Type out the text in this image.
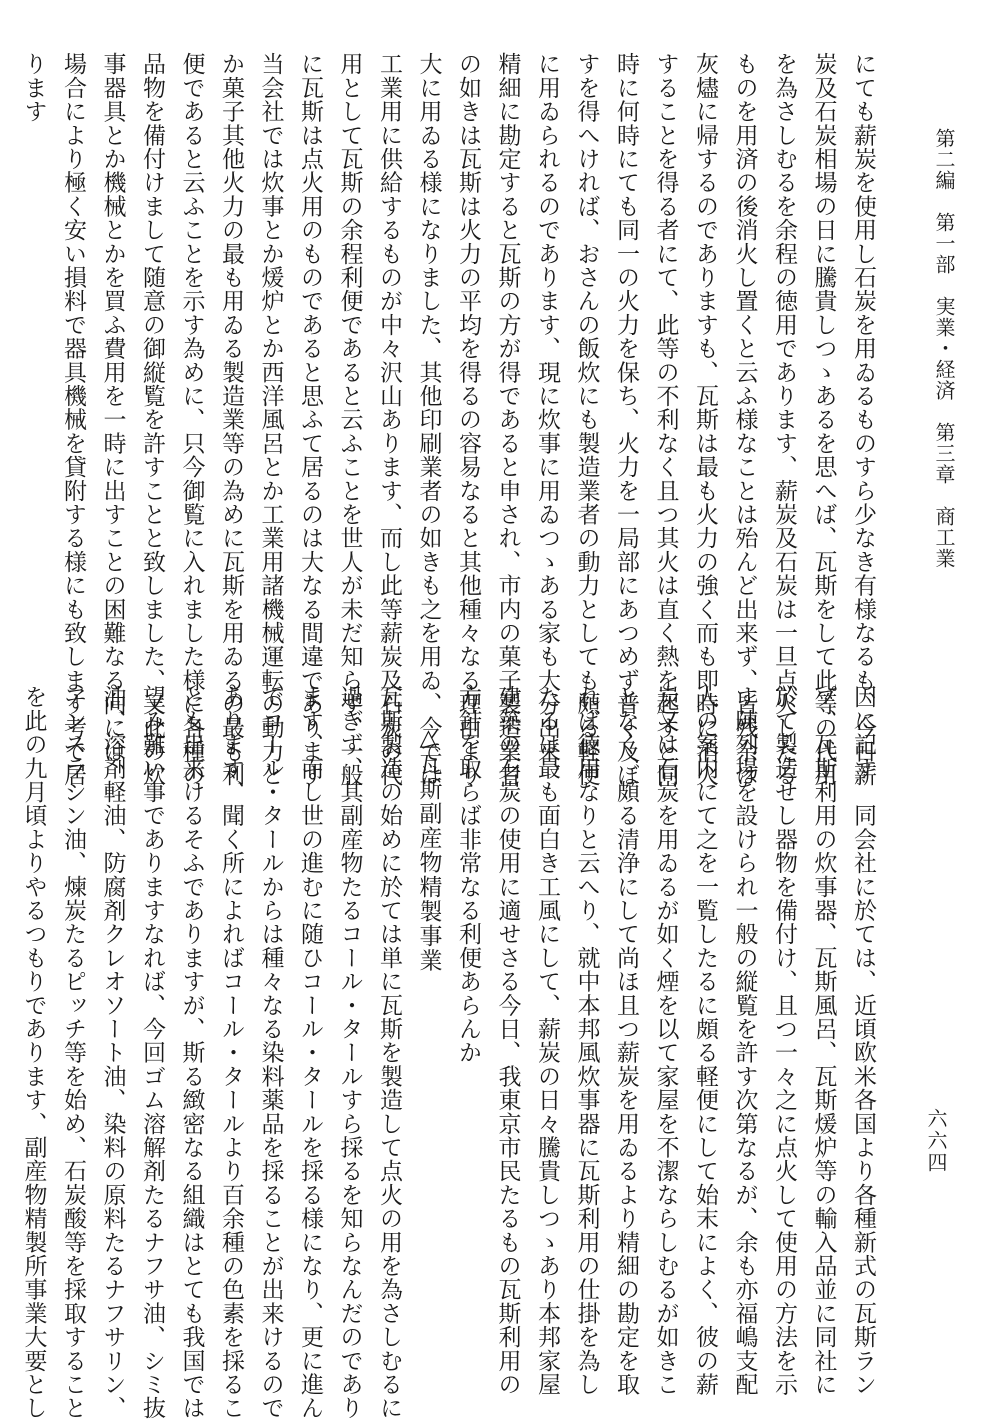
第二編　第一部　実業・経済　第三章　商工業
六六四

にても薪炭を使用し石炭を用ゐるものすら少なき有様なるも、今日薪

炭及石炭相場の日に騰貴しつゝあるを思へば、瓦斯をして此等の代用

を為さしむるを余程の徳用であります、薪炭及石炭は一旦点火したる

ものを用済の後消火し置くと云ふ様なことは殆んど出来ず、皆残余は

灰燼に帰するのでありますも、瓦斯は最も火力の強く而も即時に消火

することを得る者にて、此等の不利なく且つ其火は直く熱を起すと同

時に何時にても同一の火力を保ち、火力を一局部にあつめず普く及ぼ

すを得へければ、おさんの飯炊にも製造業者の動力としても頗る軽便

に用ゐられるのであります、現に炊事に用ゐつゝある家も大分出来、

精細に勘定すると瓦斯の方が得であると申され、市内の菓子製造業者

の如きは瓦斯は火力の平均を得るの容易なると其他種々なる理由より

大に用ゐる様になりました、其他印刷業者の如きも之を用ゐ、今では

工業用に供給するものが中々沢山あります、而し此等薪炭及石炭の代

用として瓦斯の余程利便であると云ふことを世人が未だ知らず、一般

に瓦斯は点火用のものであると思ふて居るのは大なる間違であります

当会社では炊事とか煖炉とか西洋風呂とか工業用諸機械運転の動力と

か菓子其他火力の最も用ゐる製造業等の為めに瓦斯を用ゐるの最も利

便であると云ふことを示す為めに、只今御覧に入れました様に各種の

品物を備付けまして随意の御縦覧を許すことと致しました、又此の炊

事器具とか機械とかを買ふ費用を一時に出すことの困難なる向には、

場合により極く安い損料で器具機械を貸附する様にも致します考で居

ります

因に記す　同会社に於ては、近頃欧米各国より各種新式の瓦斯ラン

プ、瓦斯利用の炊事器、瓦斯風呂、瓦斯煖炉等の輸入品並に同社に

於て製造せし器物を備付け、且つ一々之に点火して使用の方法を示

す陳列場を設けられ一般の縦覧を許す次第なるが、余も亦福嶋支配

人の案内にて之を一覧したるに頗る軽便にして始末によく、彼の薪

炭又は石炭を用ゐるが如く煙を以て家屋を不潔ならしむるが如きこ

となく、頗る清浄にして尚ほ且つ薪炭を用ゐるより精細の勘定を取

れば徳用なりと云へり、就中本邦風炊事器に瓦斯利用の仕掛を為し

たるは最も面白き工風にして、薪炭の日々騰貴しつゝあり本邦家屋

建築の石炭の使用に適せさる今日、我東京市民たるもの瓦斯利用の

方針を取らば非常なる利便あらんか

△瓦斯副産物精製事業

瓦斯製造の始めに於ては単に瓦斯を製造して点火の用を為さしむるに

過ぎず、其副産物たるコール・タールすら採るを知らなんだのであり

ます、而し世の進むに随ひコール・タールを採る様になり、更に進ん

でコール・タールからは種々なる染料薬品を採ることが出来けるので

あります、聞く所によればコール・タールより百余種の色素を採るこ

とも出来けるそふでありますが、斯る緻密なる組織はとても我国では

望み難い事でありますなれば、今回ゴム溶解剤たるナフサ油、シミ抜

油、溶剤軽油、防腐剤クレオソート油、染料の原料たるナフサリン、

アンスラシン油、煉炭たるピッチ等を始め、石炭酸等を採取すること

を此の九月頃よりやるつもりであります、副産物精製所事業大要とし
